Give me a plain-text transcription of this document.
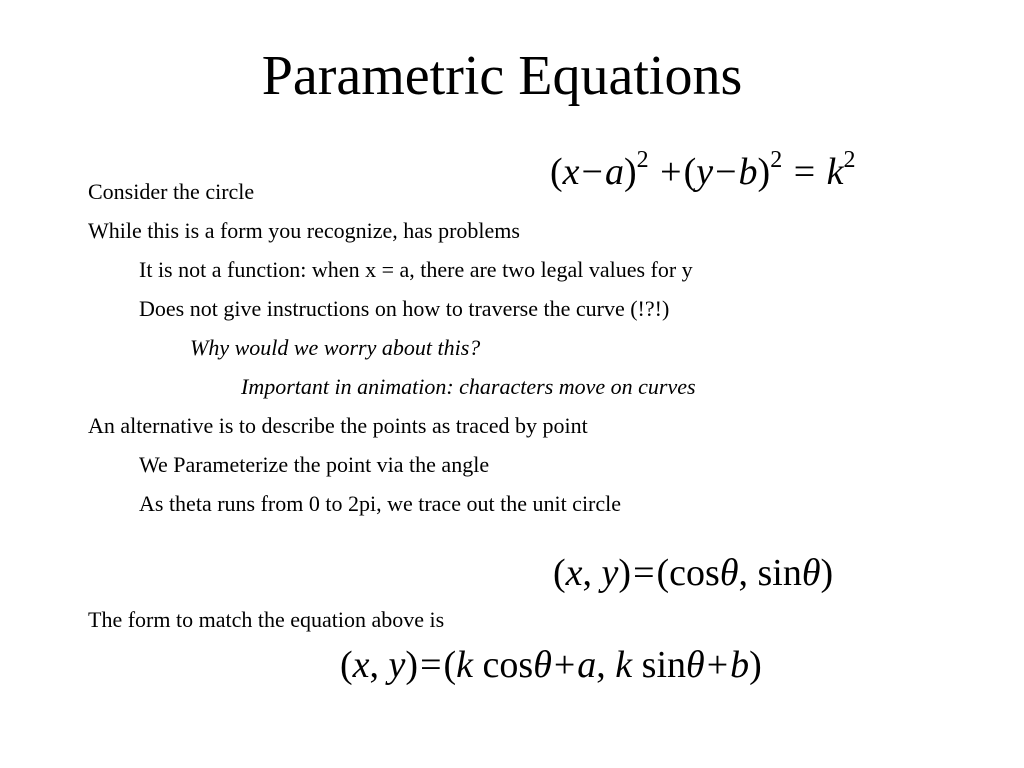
Parametric Equations
Consider the circle
While this is a form you recognize, has problems
It is not a function: when x = a, there are two legal values for y
Does not give instructions on how to traverse the curve (!?!)
Why would we worry about this?
Important in animation: characters move on curves
An alternative is to describe the points as traced by point
We Parameterize the point via the angle
As theta runs from 0 to 2pi, we trace out the unit circle
The form to match the equation above is
$(x-a)^2 +(y-b)^2 = k^2$
(x, y)=(cosθ, sinθ)
(x, y)=(k cosθ+a, k sinθ+b)
